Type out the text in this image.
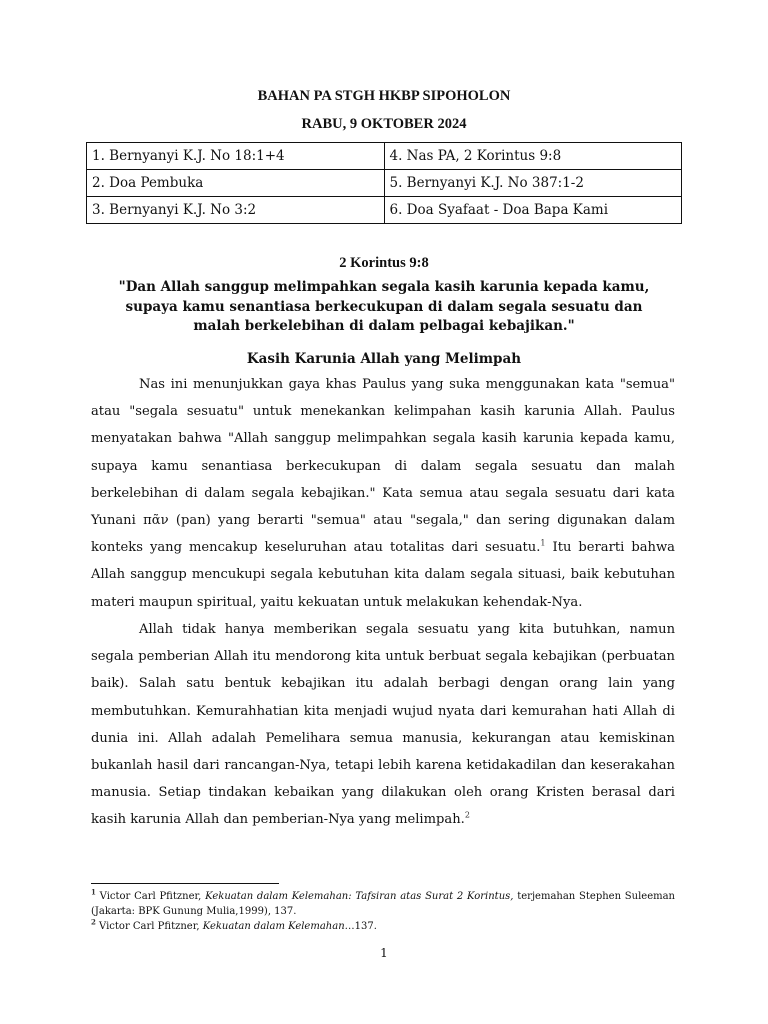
BAHAN PA STGH HKBP SIPOHOLON
RABU, 9 OKTOBER 2024
1. Bernyanyi K.J. No 18:1+4	4. Nas PA, 2 Korintus 9:8
2. Doa Pembuka	5. Bernyanyi K.J. No 387:1-2
3. Bernyanyi K.J. No 3:2	6. Doa Syafaat - Doa Bapa Kami
2 Korintus 9:8
"Dan Allah sanggup melimpahkan segala kasih karunia kepada kamu, supaya kamu senantiasa berkecukupan di dalam segala sesuatu dan malah berkelebihan di dalam pelbagai kebajikan."
Kasih Karunia Allah yang Melimpah

Nas ini menunjukkan gaya khas Paulus yang suka menggunakan kata "semua" atau "segala sesuatu" untuk menekankan kelimpahan kasih karunia Allah. Paulus menyatakan bahwa "Allah sanggup melimpahkan segala kasih karunia kepada kamu, supaya kamu senantiasa berkecukupan di dalam segala sesuatu dan malah berkelebihan di dalam segala kebajikan." Kata semua atau segala sesuatu dari kata Yunani πᾶν (pan) yang berarti "semua" atau "segala," dan sering digunakan dalam konteks yang mencakup keseluruhan atau totalitas dari sesuatu.$^1$ Itu berarti bahwa Allah sanggup mencukupi segala kebutuhan kita dalam segala situasi, baik kebutuhan materi maupun spiritual, yaitu kekuatan untuk melakukan kehendak-Nya.

Allah tidak hanya memberikan segala sesuatu yang kita butuhkan, namun segala pemberian Allah itu mendorong kita untuk berbuat segala kebajikan (perbuatan baik). Salah satu bentuk kebajikan itu adalah berbagi dengan orang lain yang membutuhkan. Kemurahhatian kita menjadi wujud nyata dari kemurahan hati Allah di dunia ini. Allah adalah Pemelihara semua manusia, kekurangan atau kemiskinan bukanlah hasil dari rancangan-Nya, tetapi lebih karena ketidakadilan dan keserakahan manusia. Setiap tindakan kebaikan yang dilakukan oleh orang Kristen berasal dari kasih karunia Allah dan pemberian-Nya yang melimpah.$^2$

$^1$ Victor Carl Pfitzner, Kekuatan dalam Kelemahan: Tafsiran atas Surat 2 Korintus, terjemahan Stephen Suleeman (Jakarta: BPK Gunung Mulia,1999), 137.
$^2$ Victor Carl Pfitzner, Kekuatan dalam Kelemahan…137.
1
